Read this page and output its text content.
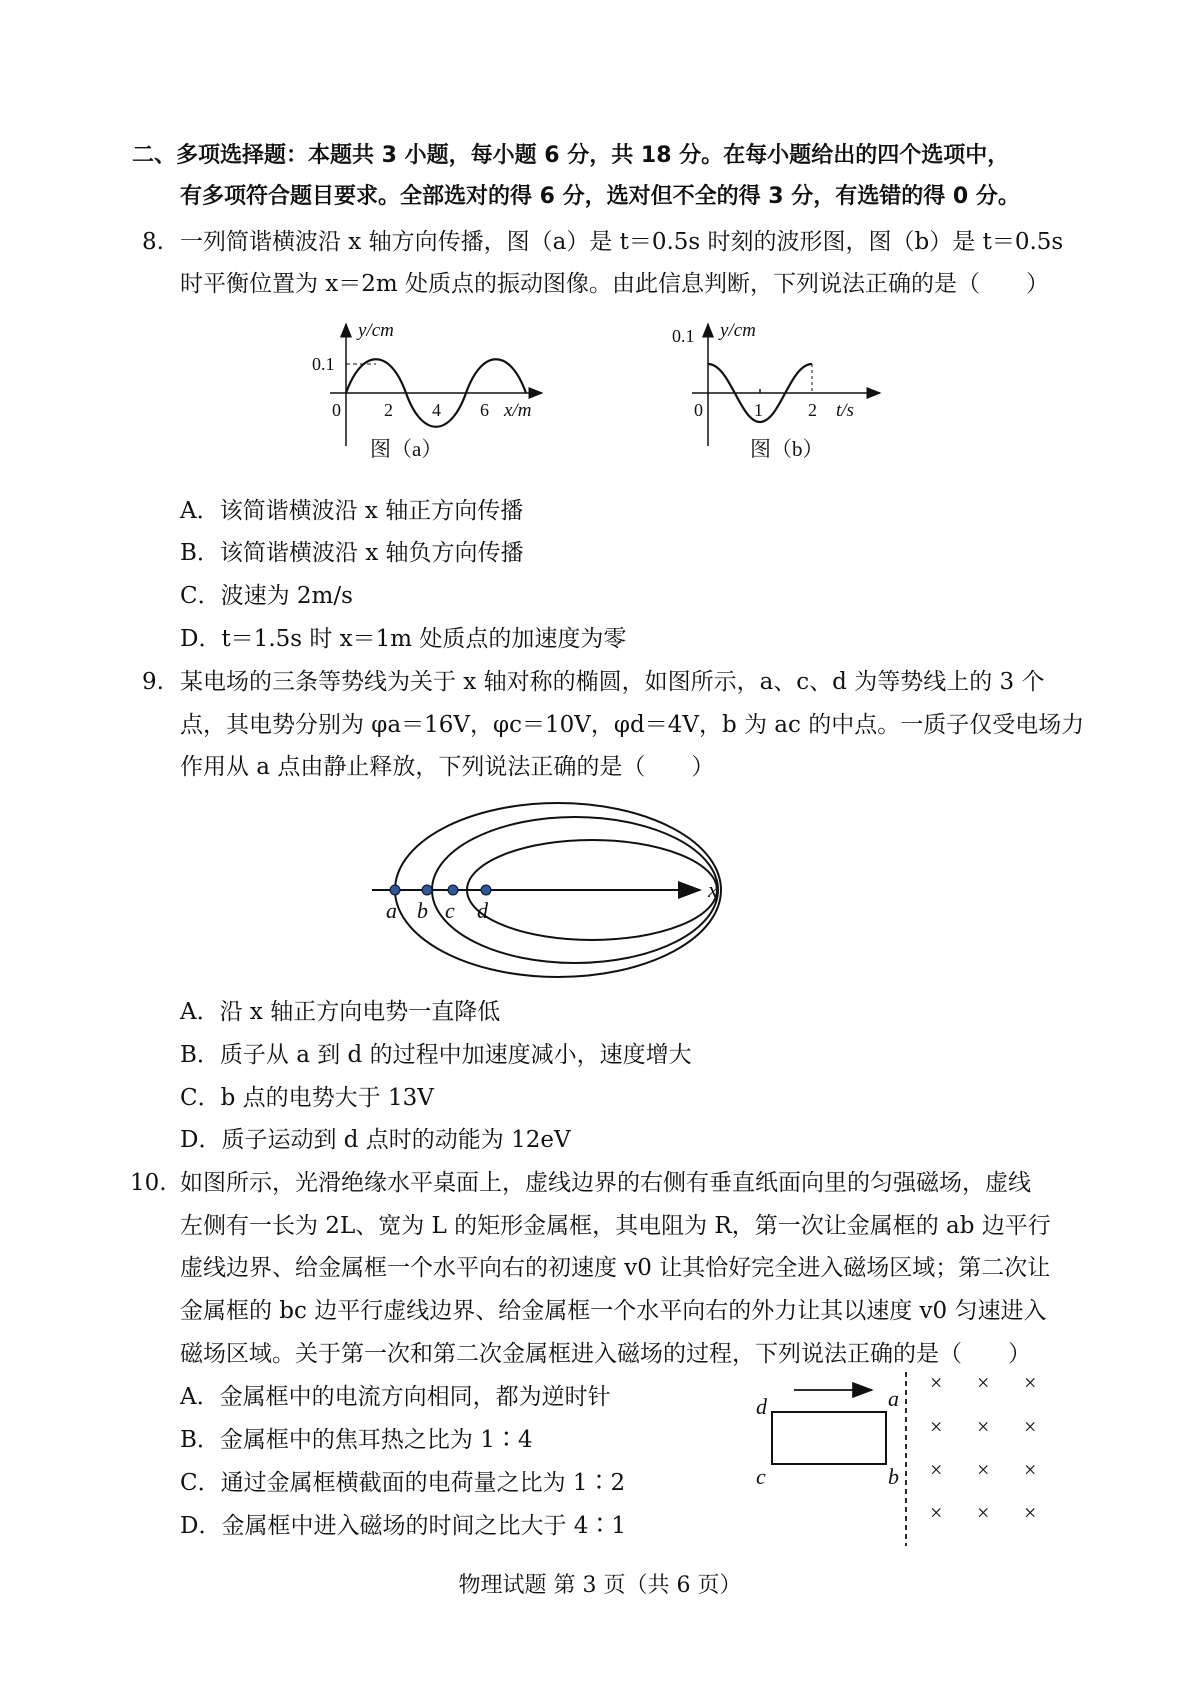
二、多项选择题：本题共 3 小题，每小题 6 分，共 18 分。在每小题给出的四个选项中，
有多项符合题目要求。全部选对的得 6 分，选对但不全的得 3 分，有选错的得 0 分。
8. 一列简谐横波沿 x 轴方向传播，图（a）是 t＝0.5s 时刻的波形图，图（b）是 t＝0.5s
时平衡位置为 x＝2m 处质点的振动图像。由此信息判断，下列说法正确的是（　　）
y/cm
0.1
0 2 4 6 x/m
图（a）
y/cm
0.1
0	1	2 t/s
图（b）
A．该简谐横波沿 x 轴正方向传播
B．该简谐横波沿 x 轴负方向传播
C．波速为 2m/s
D．t＝1.5s 时 x＝1m 处质点的加速度为零
9. 某电场的三条等势线为关于 x 轴对称的椭圆，如图所示，a、c、d 为等势线上的 3 个
点，其电势分别为 φa＝16V，φc＝10V，φd＝4V，b 为 ac 的中点。一质子仅受电场力
作用从 a 点由静止释放，下列说法正确的是（　　）
a b c d
x
A．沿 x 轴正方向电势一直降低
B．质子从 a 到 d 的过程中加速度减小，速度增大
C．b 点的电势大于 13V
D．质子运动到 d 点时的动能为 12eV
10. 如图所示，光滑绝缘水平桌面上，虚线边界的右侧有垂直纸面向里的匀强磁场，虚线
左侧有一长为 2L、宽为 L 的矩形金属框，其电阻为 R，第一次让金属框的 ab 边平行
虚线边界、给金属框一个水平向右的初速度 v0 让其恰好完全进入磁场区域；第二次让
金属框的 bc 边平行虚线边界、给金属框一个水平向右的外力让其以速度 v0 匀速进入
磁场区域。关于第一次和第二次金属框进入磁场的过程，下列说法正确的是（　　）
A．金属框中的电流方向相同，都为逆时针
B．金属框中的焦耳热之比为 1∶4
C．通过金属框横截面的电荷量之比为 1∶2
D．金属框中进入磁场的时间之比大于 4∶1
d	a
c	b
× × ×
× × ×
× × ×
× × ×
物理试题 第 3 页（共 6 页）
